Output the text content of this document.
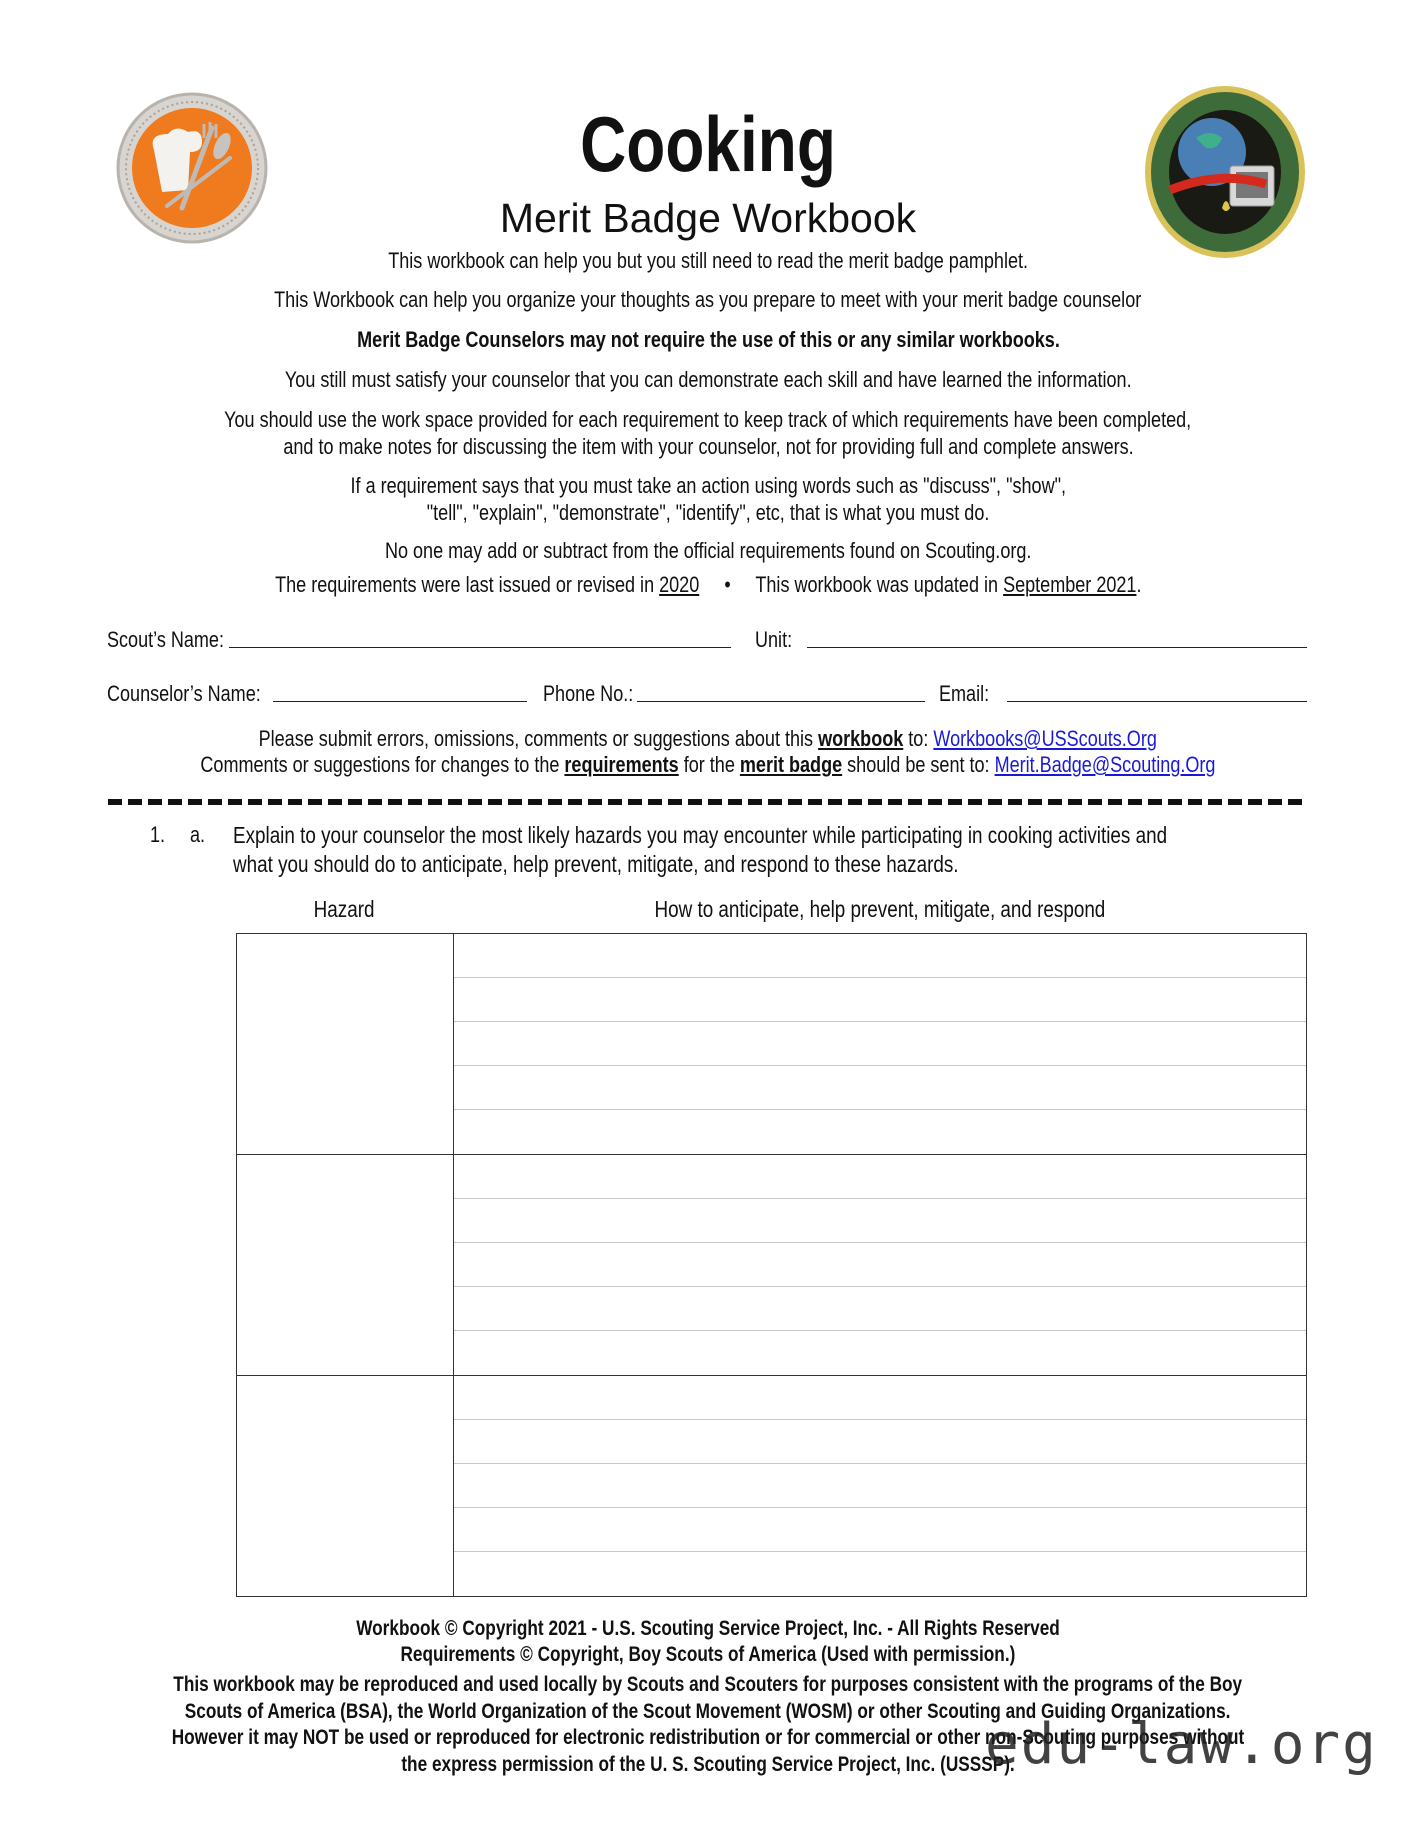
Cooking
Merit Badge Workbook
This workbook can help you but you still need to read the merit badge pamphlet.
This Workbook can help you organize your thoughts as you prepare to meet with your merit badge counselor
Merit Badge Counselors may not require the use of this or any similar workbooks.
You still must satisfy your counselor that you can demonstrate each skill and have learned the information.
You should use the work space provided for each requirement to keep track of which requirements have been completed,
and to make notes for discussing the item with your counselor, not for providing full and complete answers.
If a requirement says that you must take an action using words such as "discuss", "show",
"tell", "explain", "demonstrate", "identify", etc, that is what you must do.
No one may add or subtract from the official requirements found on Scouting.org.
The requirements were last issued or revised in 2020 • This workbook was updated in September 2021.
Scout’s Name:	Unit:
Counselor’s Name:	Phone No.:	Email:
Please submit errors, omissions, comments or suggestions about this workbook to: Workbooks@USScouts.Org
Comments or suggestions for changes to the requirements for the merit badge should be sent to: Merit.Badge@Scouting.Org
1. a. Explain to your counselor the most likely hazards you may encounter while participating in cooking activities and
what you should do to anticipate, help prevent, mitigate, and respond to these hazards.
Hazard	How to anticipate, help prevent, mitigate, and respond

Workbook © Copyright 2021 - U.S. Scouting Service Project, Inc. - All Rights Reserved
Requirements © Copyright, Boy Scouts of America (Used with permission.)
This workbook may be reproduced and used locally by Scouts and Scouters for purposes consistent with the programs of the Boy
Scouts of America (BSA), the World Organization of the Scout Movement (WOSM) or other Scouting and Guiding Organizations.
However it may NOT be used or reproduced for electronic redistribution or for commercial or other non-Scouting purposes without
the express permission of the U. S. Scouting Service Project, Inc. (USSSP).
edu-law.org
